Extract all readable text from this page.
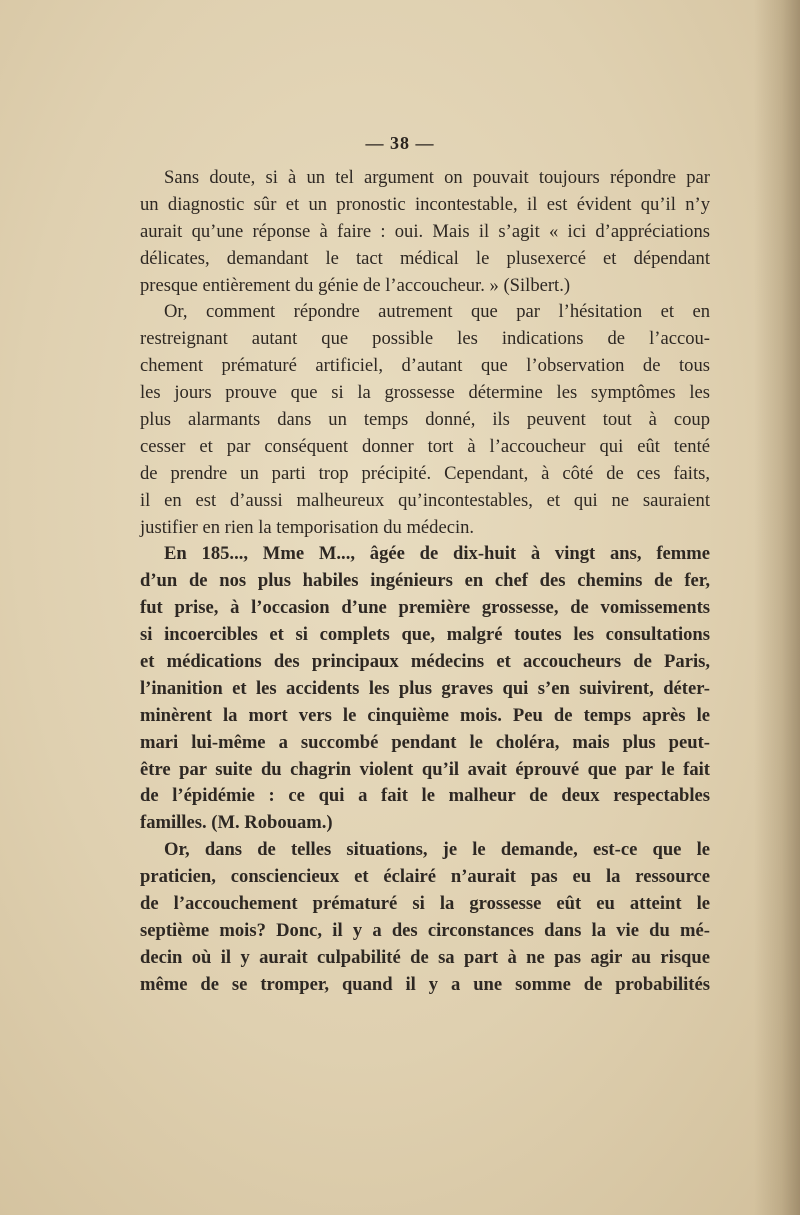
— 38 —
Sans doute, si à un tel argument on pouvait toujours répondre par
un diagnostic sûr et un pronostic incontestable, il est évident qu’il n’y
aurait qu’une réponse à faire : oui. Mais il s’agit « ici d’appréciations
délicates, demandant le tact médical le plusexercé et dépendant
presque entièrement du génie de l’accoucheur. » (Silbert.)
Or, comment répondre autrement que par l’hésitation et en
restreignant autant que possible les indications de l’accou-
chement prématuré artificiel, d’autant que l’observation de tous
les jours prouve que si la grossesse détermine les symptômes les
plus alarmants dans un temps donné, ils peuvent tout à coup
cesser et par conséquent donner tort à l’accoucheur qui eût tenté
de prendre un parti trop précipité. Cependant, à côté de ces faits,
il en est d’aussi malheureux qu’incontestables, et qui ne sauraient
justifier en rien la temporisation du médecin.
En 185..., Mme M..., âgée de dix-huit à vingt ans, femme
d’un de nos plus habiles ingénieurs en chef des chemins de fer,
fut prise, à l’occasion d’une première grossesse, de vomissements
si incoercibles et si complets que, malgré toutes les consultations
et médications des principaux médecins et accoucheurs de Paris,
l’inanition et les accidents les plus graves qui s’en suivirent, déter-
minèrent la mort vers le cinquième mois. Peu de temps après le
mari lui-même a succombé pendant le choléra, mais plus peut-
être par suite du chagrin violent qu’il avait éprouvé que par le fait
de l’épidémie : ce qui a fait le malheur de deux respectables
familles. (M. Robouam.)
Or, dans de telles situations, je le demande, est-ce que le
praticien, consciencieux et éclairé n’aurait pas eu la ressource
de l’accouchement prématuré si la grossesse eût eu atteint le
septième mois? Donc, il y a des circonstances dans la vie du mé-
decin où il y aurait culpabilité de sa part à ne pas agir au risque
même de se tromper, quand il y a une somme de probabilités
